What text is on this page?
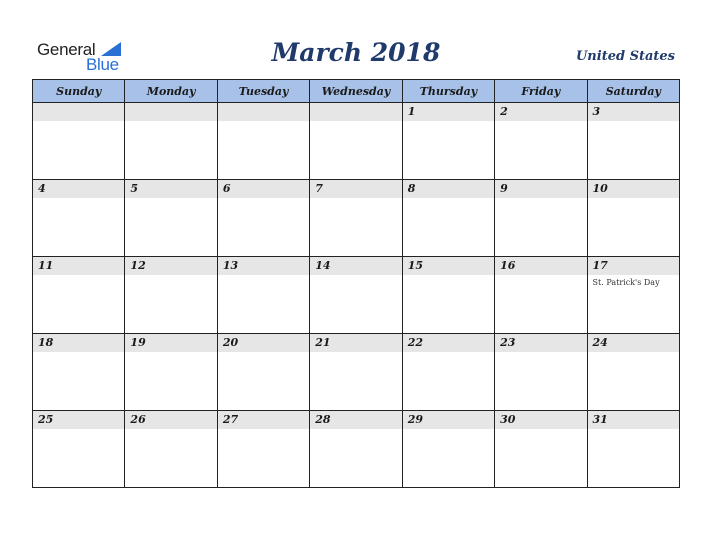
General
Blue	March 2018	United States
Sunday	Monday	Tuesday	Wednesday	Thursday	Friday	Saturday

				1	2	3

4	5	6	7	8	9	10

11	12	13	14	15	16	17
St. Patrick's Day

18	19	20	21	22	23	24

25	26	27	28	29	30	31
